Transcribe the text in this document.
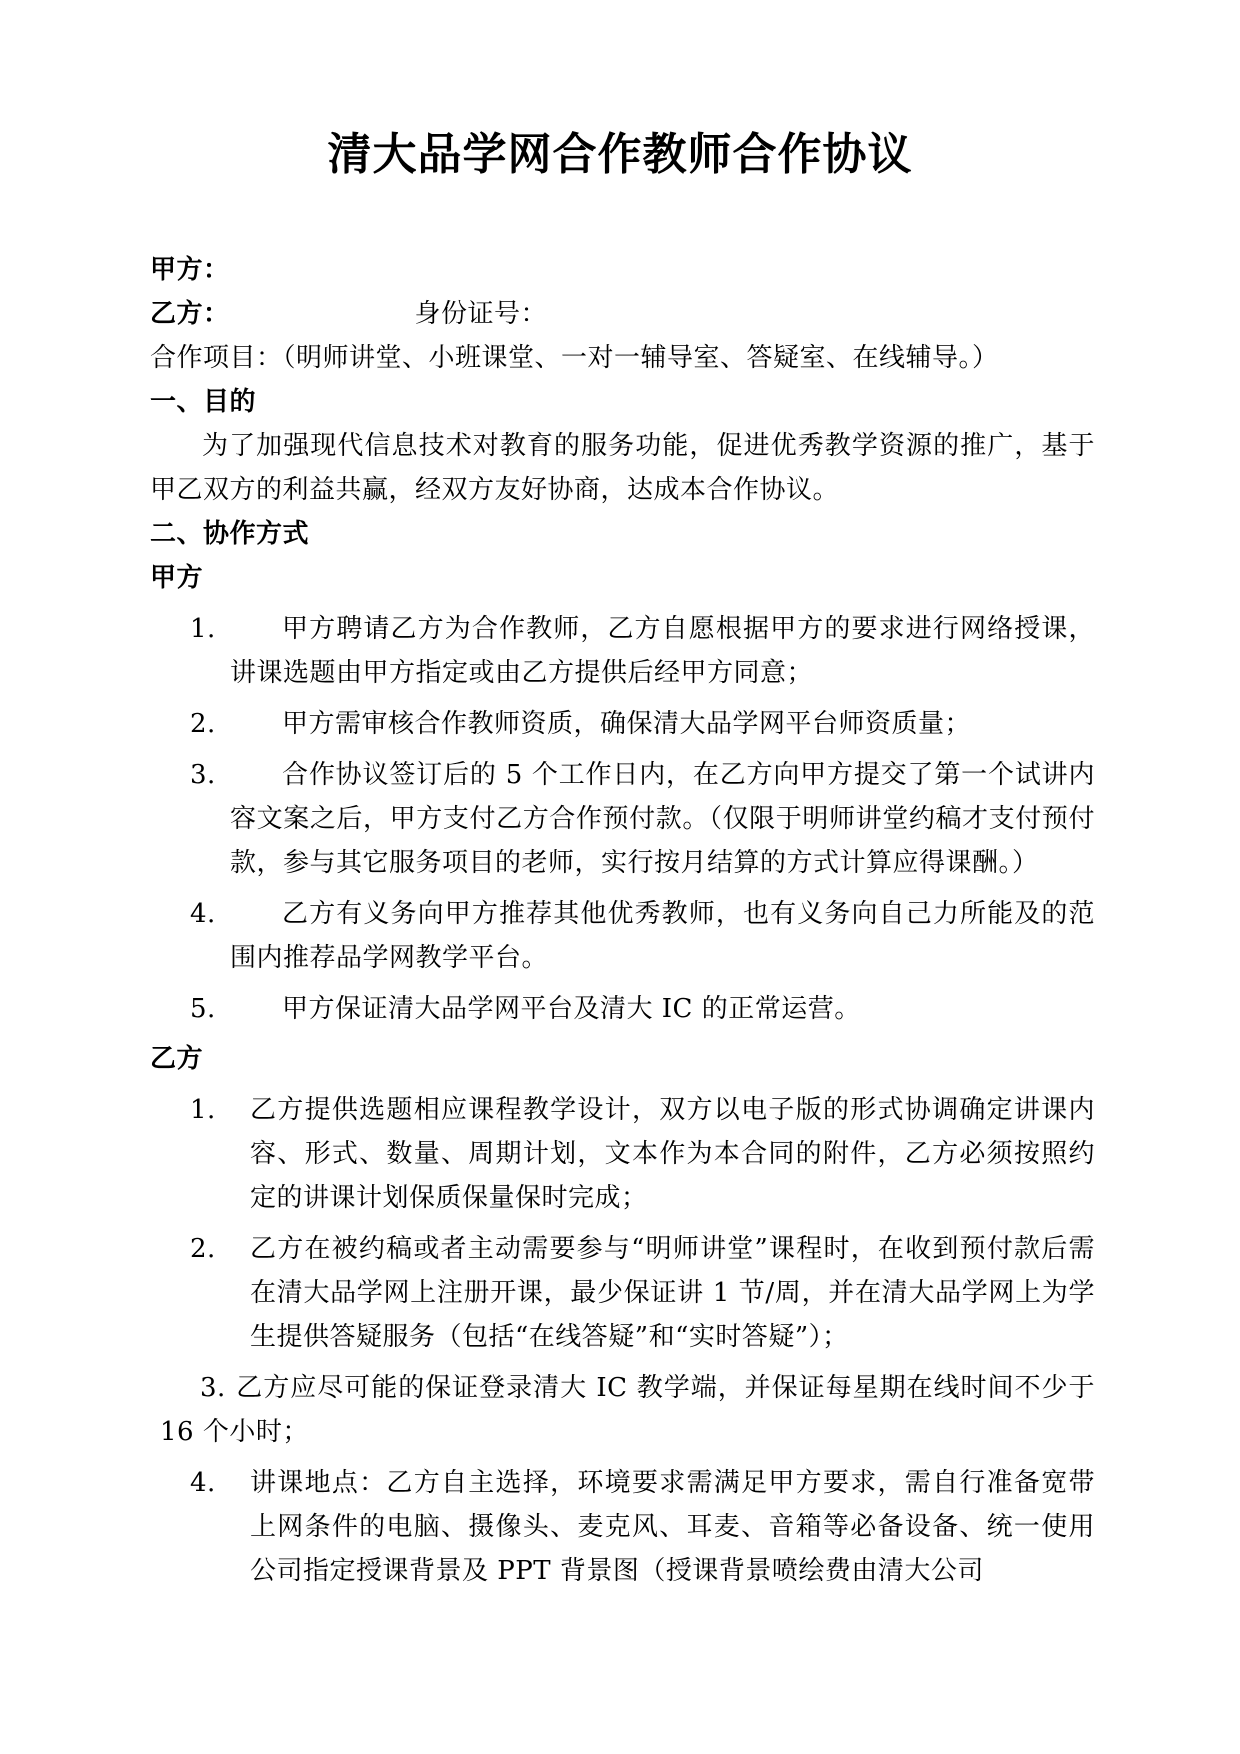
清大品学网合作教师合作协议

甲方：

乙方：	身份证号：

合作项目：（明师讲堂、小班课堂、一对一辅导室、答疑室、在线辅导。）

一、目的

为了加强现代信息技术对教育的服务功能，促进优秀教学资源的推广，基于甲乙双方的利益共赢，经双方友好协商，达成本合作协议。

二、协作方式

甲方

1.	甲方聘请乙方为合作教师，乙方自愿根据甲方的要求进行网络授课，讲课选题由甲方指定或由乙方提供后经甲方同意；
2.	甲方需审核合作教师资质，确保清大品学网平台师资质量；
3.	合作协议签订后的 5 个工作日内，在乙方向甲方提交了第一个试讲内容文案之后，甲方支付乙方合作预付款。（仅限于明师讲堂约稿才支付预付款，参与其它服务项目的老师，实行按月结算的方式计算应得课酬。）
4.	乙方有义务向甲方推荐其他优秀教师，也有义务向自己力所能及的范围内推荐品学网教学平台。
5.	甲方保证清大品学网平台及清大 IC 的正常运营。

乙方

1. 乙方提供选题相应课程教学设计，双方以电子版的形式协调确定讲课内容、形式、数量、周期计划，文本作为本合同的附件，乙方必须按照约定的讲课计划保质保量保时完成；
2. 乙方在被约稿或者主动需要参与“明师讲堂”课程时，在收到预付款后需在清大品学网上注册开课，最少保证讲 1 节/周，并在清大品学网上为学生提供答疑服务（包括“在线答疑”和“实时答疑”）；
3. 乙方应尽可能的保证登录清大 IC 教学端，并保证每星期在线时间不少于 16 个小时；
4. 讲课地点：乙方自主选择，环境要求需满足甲方要求，需自行准备宽带上网条件的电脑、摄像头、麦克风、耳麦、音箱等必备设备、统一使用公司指定授课背景及 PPT 背景图（授课背景喷绘费由清大公司
